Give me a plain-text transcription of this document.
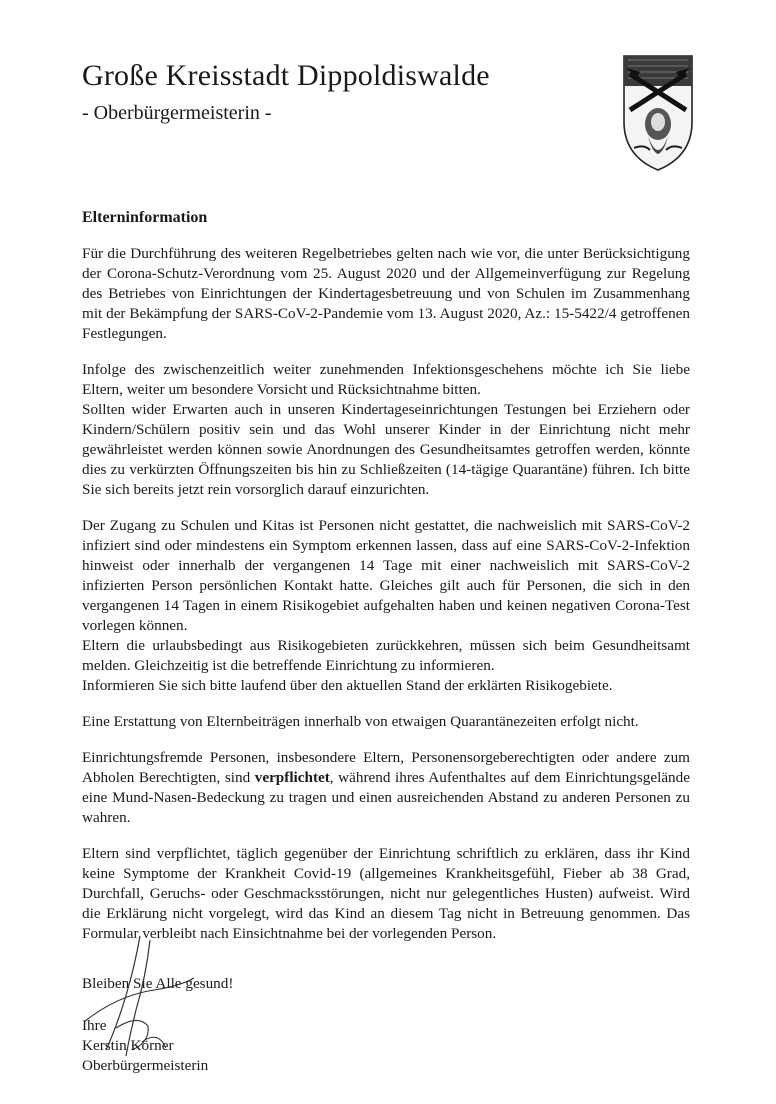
Große Kreisstadt Dippoldiswalde
- Oberbürgermeisterin -
Elterninformation
Für die Durchführung des weiteren Regelbetriebes gelten nach wie vor, die unter Berücksichtigung der Corona-Schutz-Verordnung vom 25. August 2020 und der Allgemeinverfügung zur Regelung des Betriebes von Einrichtungen der Kindertagesbetreuung und von Schulen im Zusammenhang mit der Bekämpfung der SARS-CoV-2-Pandemie vom 13. August 2020, Az.: 15-5422/4 getroffenen Festlegungen.
Infolge des zwischenzeitlich weiter zunehmenden Infektionsgeschehens möchte ich Sie liebe Eltern, weiter um besondere Vorsicht und Rücksichtnahme bitten.
Sollten wider Erwarten auch in unseren Kindertageseinrichtungen Testungen bei Erziehern oder Kindern/Schülern positiv sein und das Wohl unserer Kinder in der Einrichtung nicht mehr gewährleistet werden können sowie Anordnungen des Gesundheitsamtes getroffen werden, könnte dies zu verkürzten Öffnungszeiten bis hin zu Schließzeiten (14-tägige Quarantäne) führen. Ich bitte Sie sich bereits jetzt rein vorsorglich darauf einzurichten.
Der Zugang zu Schulen und Kitas ist Personen nicht gestattet, die nachweislich mit SARS-CoV-2 infiziert sind oder mindestens ein Symptom erkennen lassen, dass auf eine SARS-CoV-2-Infektion hinweist oder innerhalb der vergangenen 14 Tage mit einer nachweislich mit SARS-CoV-2 infizierten Person persönlichen Kontakt hatte. Gleiches gilt auch für Personen, die sich in den vergangenen 14 Tagen in einem Risikogebiet aufgehalten haben und keinen negativen Corona-Test vorlegen können.
Eltern die urlaubsbedingt aus Risikogebieten zurückkehren, müssen sich beim Gesundheitsamt melden. Gleichzeitig ist die betreffende Einrichtung zu informieren.
Informieren Sie sich bitte laufend über den aktuellen Stand der erklärten Risikogebiete.
Eine Erstattung von Elternbeiträgen innerhalb von etwaigen Quarantänezeiten erfolgt nicht.
Einrichtungsfremde Personen, insbesondere Eltern, Personensorgeberechtigten oder andere zum Abholen Berechtigten, sind verpflichtet, während ihres Aufenthaltes auf dem Einrichtungsgelände eine Mund-Nasen-Bedeckung zu tragen und einen ausreichenden Abstand zu anderen Personen zu wahren.
Eltern sind verpflichtet, täglich gegenüber der Einrichtung schriftlich zu erklären, dass ihr Kind keine Symptome der Krankheit Covid-19 (allgemeines Krankheitsgefühl, Fieber ab 38 Grad, Durchfall, Geruchs- oder Geschmacksstörungen, nicht nur gelegentliches Husten) aufweist. Wird die Erklärung nicht vorgelegt, wird das Kind an diesem Tag nicht in Betreuung genommen. Das Formular verbleibt nach Einsichtnahme bei der vorlegenden Person.
Bleiben Sie Alle gesund!
Ihre
Kerstin Körner
Oberbürgermeisterin
